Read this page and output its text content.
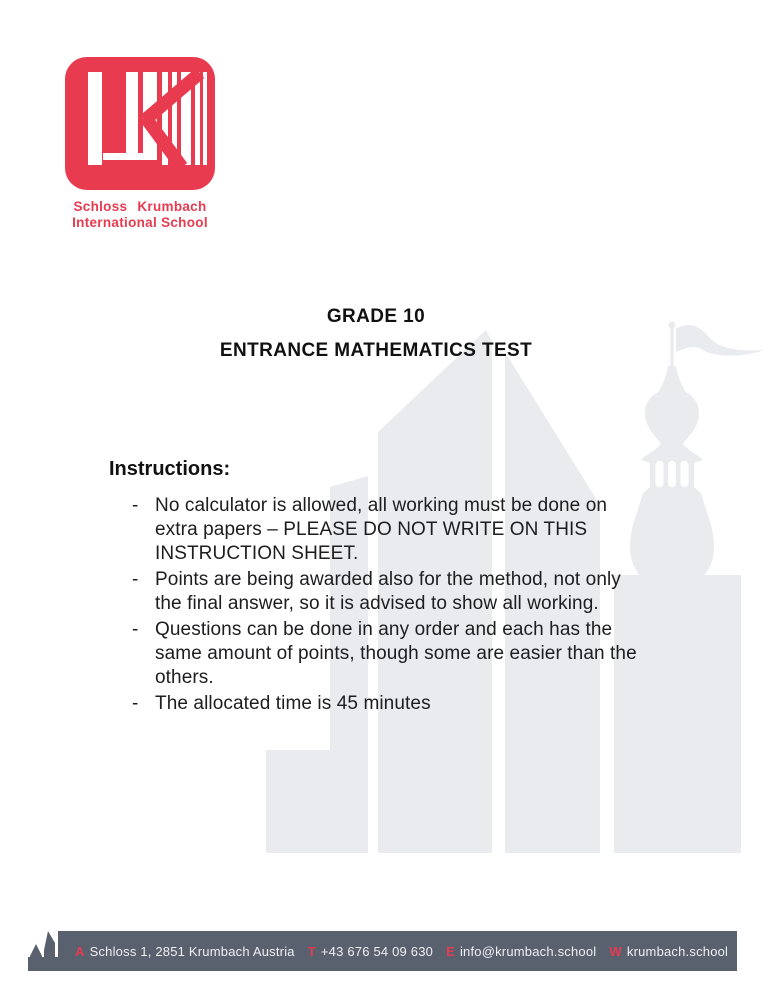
Schloss Krumbach
International School
GRADE 10
ENTRANCE MATHEMATICS TEST
Instructions:
- No calculator is allowed, all working must be done on
extra papers – PLEASE DO NOT WRITE ON THIS
INSTRUCTION SHEET.
- Points are being awarded also for the method, not only
the final answer, so it is advised to show all working.
- Questions can be done in any order and each has the
same amount of points, though some are easier than the
others.
- The allocated time is 45 minutes
A Schloss 1, 2851 Krumbach Austria T +43 676 54 09 630 E info@krumbach.school W krumbach.school
